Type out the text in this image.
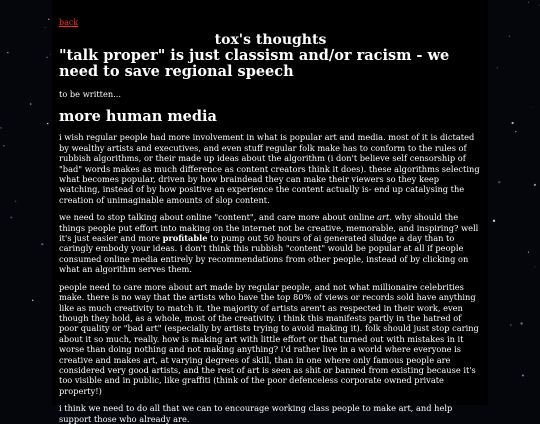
back
tox's thoughts
"talk proper" is just classism and/or racism - we need to save regional speech

to be written...

more human media

i wish regular people had more involvement in what is popular art and media. most of it is dictated by wealthy artists and executives, and even stuff regular folk make has to conform to the rules of rubbish algorithms, or their made up ideas about the algorithm (i don't believe self censorship of "bad" words makes as much difference as content creators think it does). these algorithms selecting what becomes popular, driven by how braindead they can make their viewers so they keep watching, instead of by how positive an experience the content actually is- end up catalysing the creation of unimaginable amounts of slop content.

we need to stop talking about online "content", and care more about online art. why should the things people put effort into making on the internet not be creative, memorable, and inspiring? well it's just easier and more profitable to pump out 50 hours of ai generated sludge a day than to caringly embody your ideas. i don't think this rubbish "content" would be popular at all if people consumed online media entirely by recommendations from other people, instead of by clicking on what an algorithm serves them.

people need to care more about art made by regular people, and not what millionaire celebrities make. there is no way that the artists who have the top 80% of views or records sold have anything like as much creativity to match it. the majority of artists aren't as respected in their work, even though they hold, as a whole, most of the creativity. i think this manifests partly in the hatred of poor quality or "bad art" (especially by artists trying to avoid making it). folk should just stop caring about it so much, really. how is making art with little effort or that turned out with mistakes in it worse than doing nothing and not making anything? i'd rather live in a world where everyone is creative and makes art, at varying degrees of skill, than in one where only famous people are considered very good artists, and the rest of art is seen as shit or banned from existing because it's too visible and in public, like graffiti (think of the poor defenceless corporate owned private property!)

i think we need to do all that we can to encourage working class people to make art, and help support those who already are.
